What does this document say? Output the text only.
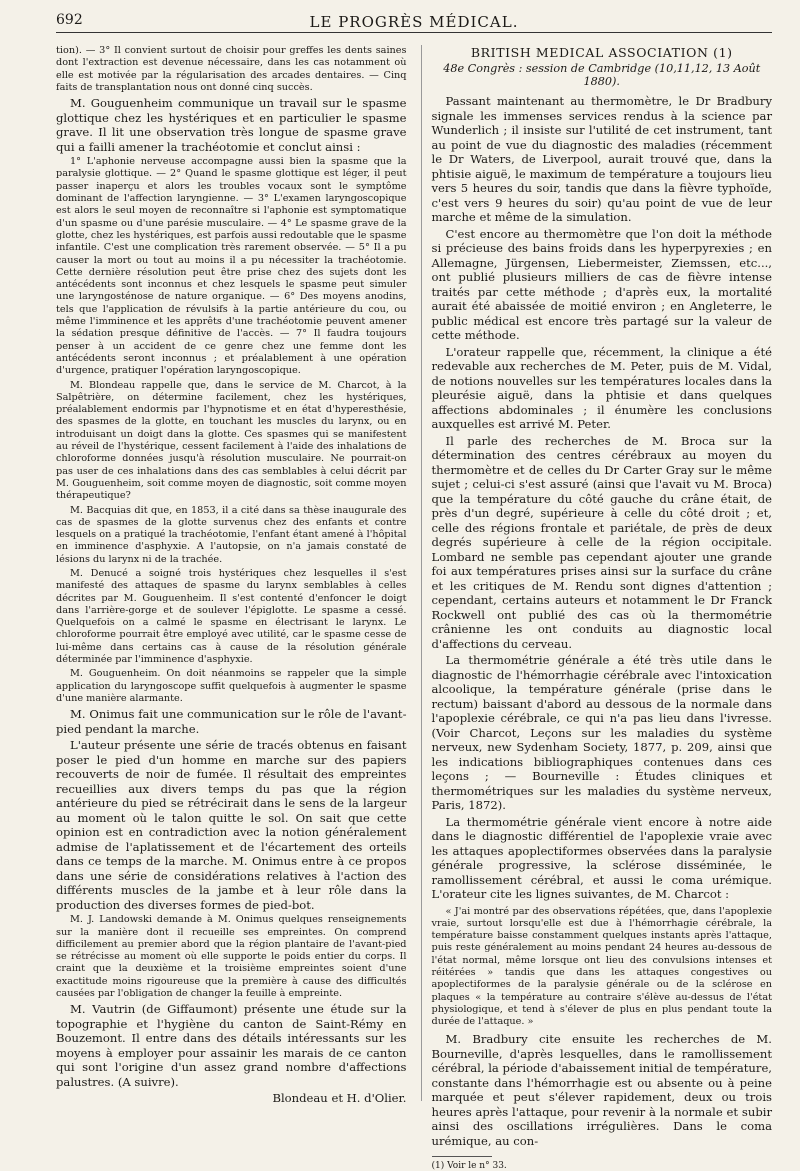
692	LE PROGRÈS MÉDICAL.

tion). — 3° Il convient surtout de choisir pour greffes les dents saines dont l'extraction est devenue nécessaire, dans les cas notamment où elle est motivée par la régularisation des arcades dentaires. — Cinq faits de transplantation nous ont donné cinq succès.

M. Gouguenheim communique un travail sur le spasme glottique chez les hystériques et en particulier le spasme grave. Il lit une observation très longue de spasme grave qui a failli amener la trachéotomie et conclut ainsi :

1° L'aphonie nerveuse accompagne aussi bien la spasme que la paralysie glottique. — 2° Quand le spasme glottique est léger, il peut passer inaperçu et alors les troubles vocaux sont le symptôme dominant de l'affection laryngienne. — 3° L'examen laryngoscopique est alors le seul moyen de reconnaître si l'aphonie est symptomatique d'un spasme ou d'une parésie musculaire. — 4° Le spasme grave de la glotte, chez les hystériques, est parfois aussi redoutable que le spasme infantile. C'est une complication très rarement observée. — 5° Il a pu causer la mort ou tout au moins il a pu nécessiter la trachéotomie. Cette dernière résolution peut être prise chez des sujets dont les antécédents sont inconnus et chez lesquels le spasme peut simuler une laryngosténose de nature organique. — 6° Des moyens anodins, tels que l'application de révulsifs à la partie antérieure du cou, ou même l'imminence et les apprêts d'une trachéotomie peuvent amener la sédation presque définitive de l'accès. — 7° Il faudra toujours penser à un accident de ce genre chez une femme dont les antécédents seront inconnus ; et préalablement à une opération d'urgence, pratiquer l'opération laryngoscopique.

M. Blondeau rappelle que, dans le service de M. Charcot, à la Salpêtrière, on détermine facilement, chez les hystériques, préalablement endormis par l'hypnotisme et en état d'hyperesthésie, des spasmes de la glotte, en touchant les muscles du larynx, ou en introduisant un doigt dans la glotte. Ces spasmes qui se manifestent au réveil de l'hystérique, cessent facilement à l'aide des inhalations de chloroforme données jusqu'à résolution musculaire. Ne pourrait-on pas user de ces inhalations dans des cas semblables à celui décrit par M. Gouguenheim, soit comme moyen de diagnostic, soit comme moyen thérapeutique?

M. Bacquias dit que, en 1853, il a cité dans sa thèse inaugurale des cas de spasmes de la glotte survenus chez des enfants et contre lesquels on a pratiqué la trachéotomie, l'enfant étant amené à l'hôpital en imminence d'asphyxie. A l'autopsie, on n'a jamais constaté de lésions du larynx ni de la trachée.

M. Denucé a soigné trois hystériques chez lesquelles il s'est manifesté des attaques de spasme du larynx semblables à celles décrites par M. Gouguenheim. Il s'est contenté d'enfoncer le doigt dans l'arrière-gorge et de soulever l'épiglotte. Le spasme a cessé. Quelquefois on a calmé le spasme en électrisant le larynx. Le chloroforme pourrait être employé avec utilité, car le spasme cesse de lui-même dans certains cas à cause de la résolution générale déterminée par l'imminence d'asphyxie.

M. Gouguenheim. On doit néanmoins se rappeler que la simple application du laryngoscope suffit quelquefois à augmenter le spasme d'une manière alarmante.

M. Onimus fait une communication sur le rôle de l'avant-pied pendant la marche.

L'auteur présente une série de tracés obtenus en faisant poser le pied d'un homme en marche sur des papiers recouverts de noir de fumée. Il résultait des empreintes recueillies aux divers temps du pas que la région antérieure du pied se rétrécirait dans le sens de la largeur au moment où le talon quitte le sol. On sait que cette opinion est en contradiction avec la notion généralement admise de l'aplatissement et de l'écartement des orteils dans ce temps de la marche. M. Onimus entre à ce propos dans une série de considérations relatives à l'action des différents muscles de la jambe et à leur rôle dans la production des diverses formes de pied-bot.

M. J. Landowski demande à M. Onimus quelques renseignements sur la manière dont il recueille ses empreintes. On comprend difficilement au premier abord que la région plantaire de l'avant-pied se rétrécisse au moment où elle supporte le poids entier du corps. Il craint que la deuxième et la troisième empreintes soient d'une exactitude moins rigoureuse que la première à cause des difficultés causées par l'obligation de changer la feuille à empreinte.

M. Vautrin (de Giffaumont) présente une étude sur la topographie et l'hygiène du canton de Saint-Rémy en Bouzemont. Il entre dans des détails intéressants sur les moyens à employer pour assainir les marais de ce canton qui sont l'origine d'un assez grand nombre d'affections palustres. (A suivre).

Blondeau et H. d'Olier.

BRITISH MEDICAL ASSOCIATION (1)

48e Congrès : session de Cambridge (10,11,12, 13 Août 1880).

Passant maintenant au thermomètre, le Dr Bradbury signale les immenses services rendus à la science par Wunderlich ; il insiste sur l'utilité de cet instrument, tant au point de vue du diagnostic des maladies (récemment le Dr Waters, de Liverpool, aurait trouvé que, dans la phtisie aiguë, le maximum de température a toujours lieu vers 5 heures du soir, tandis que dans la fièvre typhoïde, c'est vers 9 heures du soir) qu'au point de vue de leur marche et même de la simulation.

C'est encore au thermomètre que l'on doit la méthode si précieuse des bains froids dans les hyperpyrexies ; en Allemagne, Jürgensen, Liebermeister, Ziemssen, etc..., ont publié plusieurs milliers de cas de fièvre intense traités par cette méthode ; d'après eux, la mortalité aurait été abaissée de moitié environ ; en Angleterre, le public médical est encore très partagé sur la valeur de cette méthode.

L'orateur rappelle que, récemment, la clinique a été redevable aux recherches de M. Peter, puis de M. Vidal, de notions nouvelles sur les températures locales dans la pleurésie aiguë, dans la phtisie et dans quelques affections abdominales ; il énumère les conclusions auxquelles est arrivé M. Peter.

Il parle des recherches de M. Broca sur la détermination des centres cérébraux au moyen du thermomètre et de celles du Dr Carter Gray sur le même sujet ; celui-ci s'est assuré (ainsi que l'avait vu M. Broca) que la température du côté gauche du crâne était, de près d'un degré, supérieure à celle du côté droit ; et, celle des régions frontale et pariétale, de près de deux degrés supérieure à celle de la région occipitale. Lombard ne semble pas cependant ajouter une grande foi aux températures prises ainsi sur la surface du crâne et les critiques de M. Rendu sont dignes d'attention ; cependant, certains auteurs et notamment le Dr Franck Rockwell ont publié des cas où la thermométrie crânienne les ont conduits au diagnostic local d'affections du cerveau.

La thermométrie générale a été très utile dans le diagnostic de l'hémorrhagie cérébrale avec l'intoxication alcoolique, la température générale (prise dans le rectum) baissant d'abord au dessous de la normale dans l'apoplexie cérébrale, ce qui n'a pas lieu dans l'ivresse. (Voir Charcot, Leçons sur les maladies du système nerveux, new Sydenham Society, 1877, p. 209, ainsi que les indications bibliographiques contenues dans ces leçons ; — Bourneville : Études cliniques et thermométriques sur les maladies du système nerveux, Paris, 1872).

La thermométrie générale vient encore à notre aide dans le diagnostic différentiel de l'apoplexie vraie avec les attaques apoplectiformes observées dans la paralysie générale progressive, la sclérose disséminée, le ramollissement cérébral, et aussi le coma urémique. L'orateur cite les lignes suivantes, de M. Charcot :

« J'ai montré par des observations répétées, que, dans l'apoplexie vraie, surtout lorsqu'elle est due à l'hémorrhagie cérébrale, la température baisse constamment quelques instants après l'attaque, puis reste généralement au moins pendant 24 heures au-dessous de l'état normal, même lorsque ont lieu des convulsions intenses et réitérées » tandis que dans les attaques congestives ou apoplectiformes de la paralysie générale ou de la sclérose en plaques « la température au contraire s'élève au-dessus de l'état physiologique, et tend à s'élever de plus en plus pendant toute la durée de l'attaque. »

M. Bradbury cite ensuite les recherches de M. Bourneville, d'après lesquelles, dans le ramollissement cérébral, la période d'abaissement initial de température, constante dans l'hémorrhagie est ou absente ou à peine marquée et peut s'élever rapidement, deux ou trois heures après l'attaque, pour revenir à la normale et subir ainsi des oscillations irrégulières. Dans le coma urémique, au con-

(1) Voir le n° 33.
